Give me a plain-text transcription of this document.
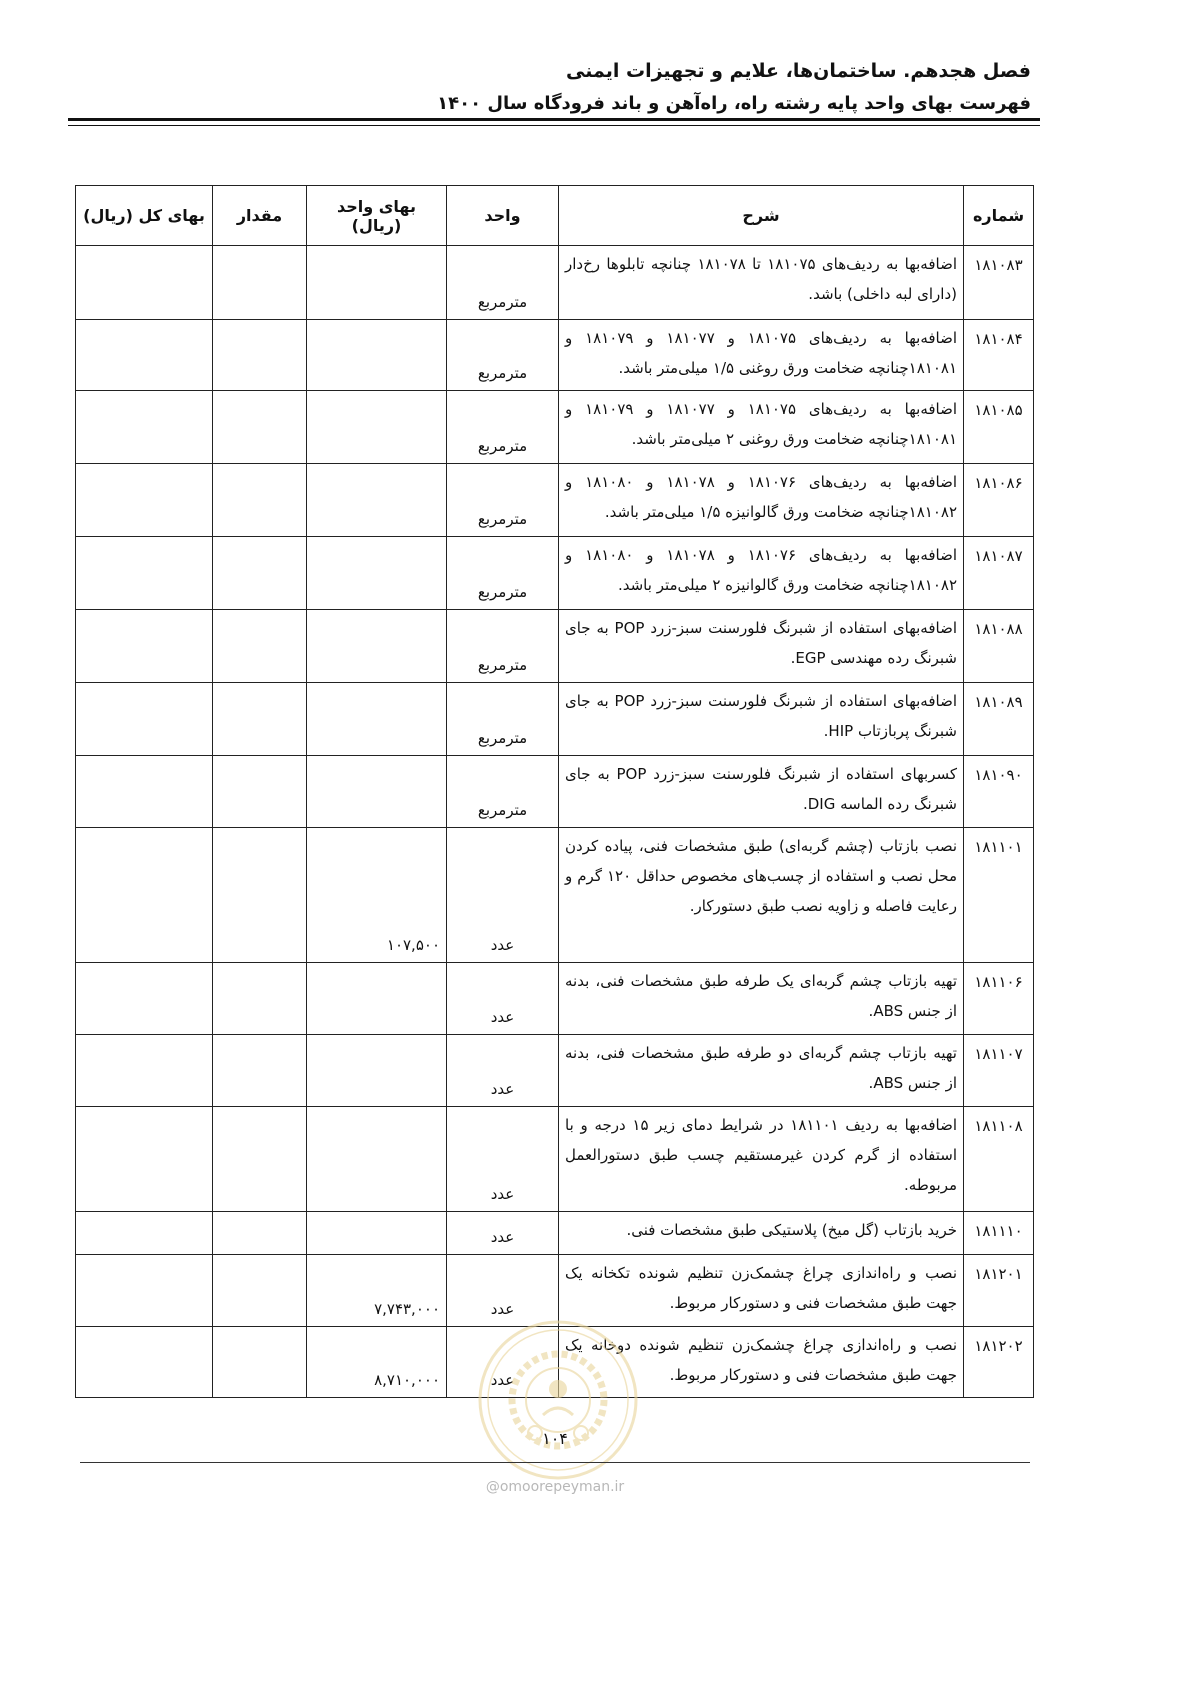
فصل هجدهم. ساختمان‌ها، علایم و تجهیزات ایمنی
فهرست بهای واحد پایه رشته راه، راه‌آهن و باند فرودگاه سال ۱۴۰۰
شماره	شرح	واحد	بهای واحد (ریال)	مقدار	بهای کل (ریال)
۱۸۱۰۸۳	اضافه‌بها به ردیف‌های ۱۸۱۰۷۵ تا ۱۸۱۰۷۸ چنانچه تابلوها رخ‌دار (دارای لبه داخلی) باشد.	مترمربع			
۱۸۱۰۸۴	اضافه‌بها به ردیف‌های ۱۸۱۰۷۵ و ۱۸۱۰۷۷ و ۱۸۱۰۷۹ و ۱۸۱۰۸۱چنانچه ضخامت ورق روغنی ۱/۵ میلی‌متر باشد.	مترمربع			
۱۸۱۰۸۵	اضافه‌بها به ردیف‌های ۱۸۱۰۷۵ و ۱۸۱۰۷۷ و ۱۸۱۰۷۹ و ۱۸۱۰۸۱چنانچه ضخامت ورق روغنی ۲ میلی‌متر باشد.	مترمربع			
۱۸۱۰۸۶	اضافه‌بها به ردیف‌های ۱۸۱۰۷۶ و ۱۸۱۰۷۸ و ۱۸۱۰۸۰ و ۱۸۱۰۸۲چنانچه ضخامت ورق گالوانیزه ۱/۵ میلی‌متر باشد.	مترمربع			
۱۸۱۰۸۷	اضافه‌بها به ردیف‌های ۱۸۱۰۷۶ و ۱۸۱۰۷۸ و ۱۸۱۰۸۰ و ۱۸۱۰۸۲چنانچه ضخامت ورق گالوانیزه ۲ میلی‌متر باشد.	مترمربع			
۱۸۱۰۸۸	اضافه‌بهای استفاده از شبرنگ فلورسنت سبز-زرد POP به جای شبرنگ رده مهندسی EGP.	مترمربع			
۱۸۱۰۸۹	اضافه‌بهای استفاده از شبرنگ فلورسنت سبز-زرد POP به جای شبرنگ پربازتاب HIP.	مترمربع			
۱۸۱۰۹۰	کسربهای استفاده از شبرنگ فلورسنت سبز-زرد POP به جای شبرنگ رده الماسه DIG.	مترمربع			
۱۸۱۱۰۱	نصب بازتاب (چشم گربه‌ای) طبق مشخصات فنی، پیاده کردن محل نصب و استفاده از چسب‌های مخصوص حداقل ۱۲۰ گرم و رعایت فاصله و زاویه نصب طبق دستورکار.	عدد	۱۰۷,۵۰۰		
۱۸۱۱۰۶	تهیه بازتاب چشم گربه‌ای یک طرفه طبق مشخصات فنی، بدنه از جنس ABS.	عدد			
۱۸۱۱۰۷	تهیه بازتاب چشم گربه‌ای دو طرفه طبق مشخصات فنی، بدنه از جنس ABS.	عدد			
۱۸۱۱۰۸	اضافه‌بها به ردیف ۱۸۱۱۰۱ در شرایط دمای زیر ۱۵ درجه و با استفاده از گرم کردن غیرمستقیم چسب طبق دستورالعمل مربوطه.	عدد			
۱۸۱۱۱۰	خرید بازتاب (گل میخ) پلاستیکی طبق مشخصات فنی.	عدد			
۱۸۱۲۰۱	نصب و راه‌اندازی چراغ چشمک‌زن تنظیم شونده تکخانه یک جهت طبق مشخصات فنی و دستورکار مربوط.	عدد	۷,۷۴۳,۰۰۰		
۱۸۱۲۰۲	نصب و راه‌اندازی چراغ چشمک‌زن تنظیم شونده دوخانه یک جهت طبق مشخصات فنی و دستورکار مربوط.	عدد	۸,۷۱۰,۰۰۰		
۱۰۴
@omoorepeyman.ir
